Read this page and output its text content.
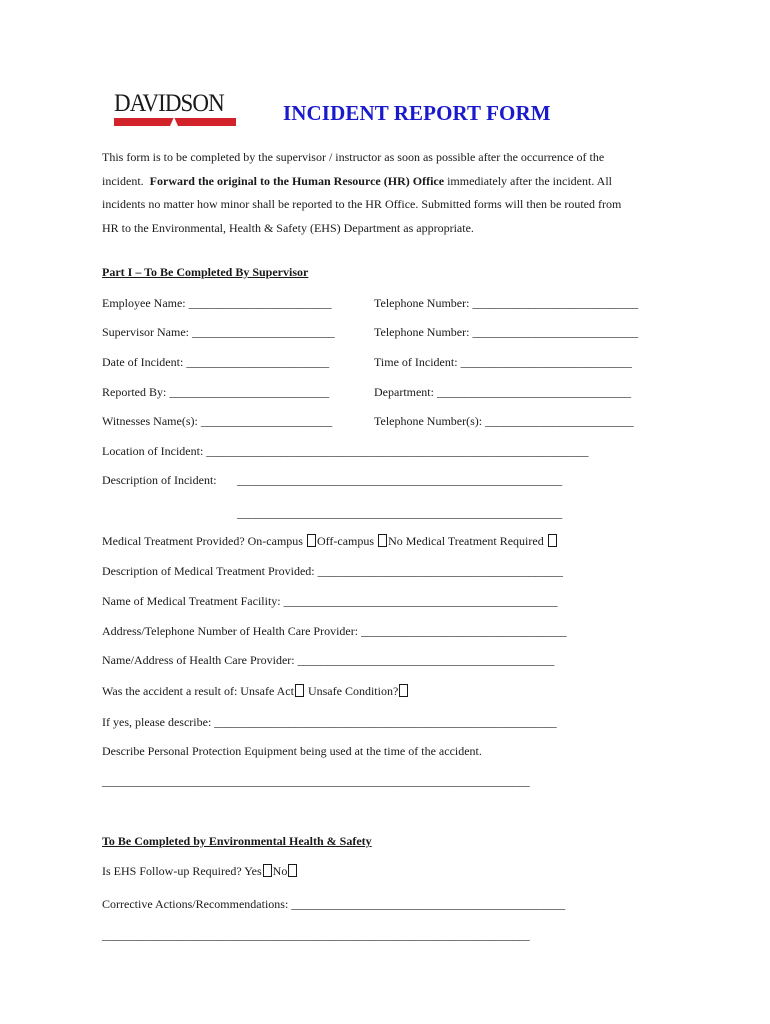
DAVIDSON	INCIDENT REPORT FORM

This form is to be completed by the supervisor / instructor as soon as possible after the occurrence of the

incident. Forward the original to the Human Resource (HR) Office immediately after the incident. All

incidents no matter how minor shall be reported to the HR Office. Submitted forms will then be routed from

HR to the Environmental, Health & Safety (EHS) Department as appropriate.

Part I – To Be Completed By Supervisor
Employee Name: _________________________	Telephone Number: _____________________________
Supervisor Name: _________________________	Telephone Number: _____________________________
Date of Incident: _________________________	Time of Incident: ______________________________
Reported By: ____________________________	Department: __________________________________
Witnesses Name(s): _______________________	Telephone Number(s): __________________________
Location of Incident: ___________________________________________________________________
Description of Incident: _________________________________________________________
_________________________________________________________
Medical Treatment Provided? On-campus Off-campus No Medical Treatment Required
Description of Medical Treatment Provided: ___________________________________________
Name of Medical Treatment Facility: ________________________________________________
Address/Telephone Number of Health Care Provider: ____________________________________
Name/Address of Health Care Provider: _____________________________________________
Was the accident a result of: Unsafe Act Unsafe Condition?
If yes, please describe: ____________________________________________________________
Describe Personal Protection Equipment being used at the time of the accident.
___________________________________________________________________________
To Be Completed by Environmental Health & Safety
Is EHS Follow-up Required? Yes No
Corrective Actions/Recommendations: ________________________________________________
___________________________________________________________________________
